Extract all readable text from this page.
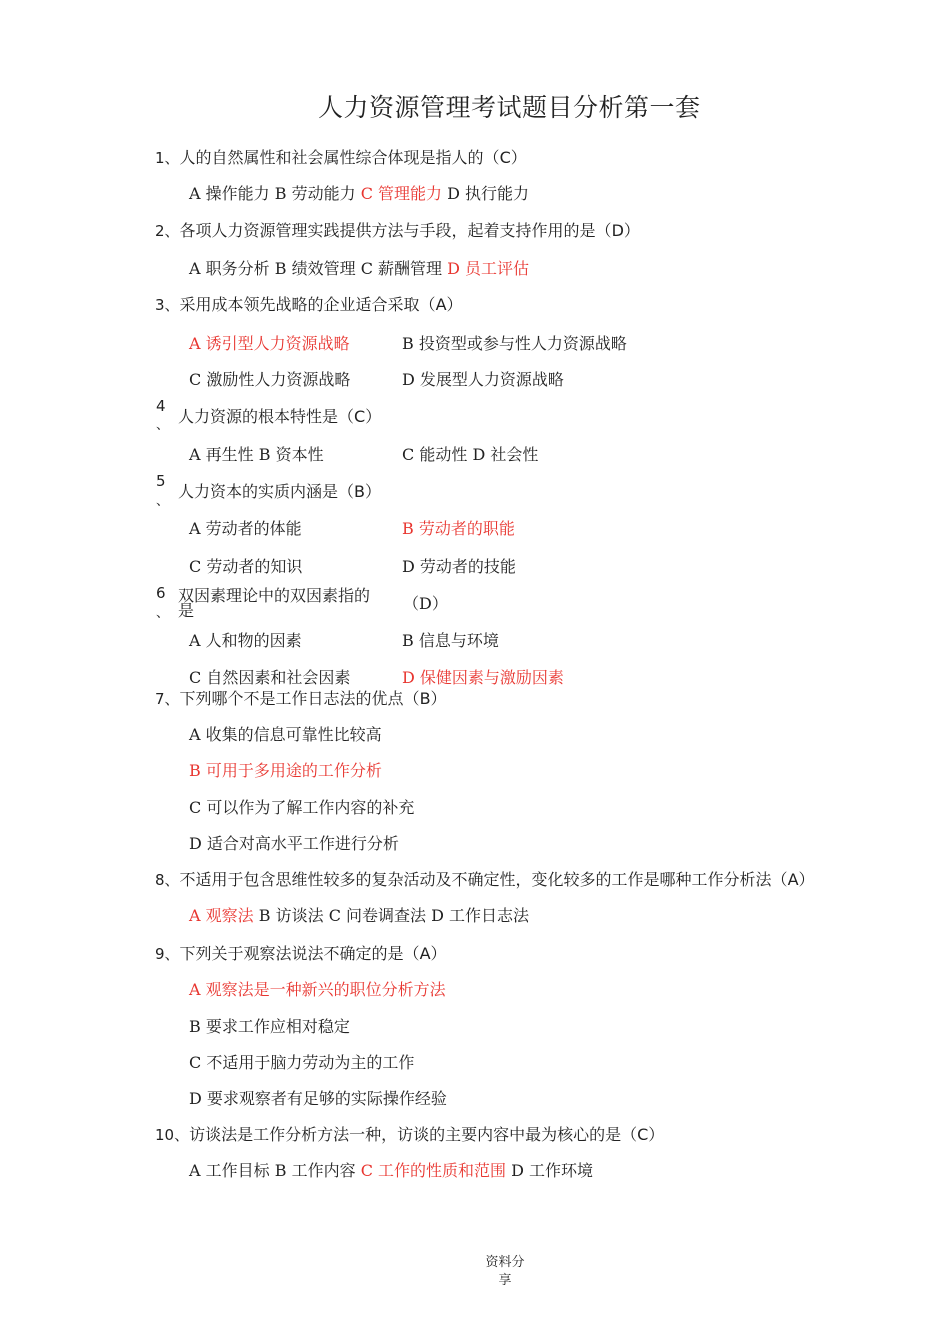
人力资源管理考试题目分析第一套
1、人的自然属性和社会属性综合体现是指人的（C）
A 操作能力 B 劳动能力 C 管理能力 D 执行能力
2、各项人力资源管理实践提供方法与手段，起着支持作用的是（D）
A 职务分析 B 绩效管理 C 薪酬管理 D 员工评估
3、采用成本领先战略的企业适合采取（A）
A 诱引型人力资源战略	B 投资型或参与性人力资源战略
C 激励性人力资源战略	D 发展型人力资源战略
4
、 人力资源的根本特性是（C）
A 再生性 B 资本性	C 能动性 D 社会性
5
、
人力资本的实质内涵是（B）
A 劳动者的体能	B 劳动者的职能
C 劳动者的知识	D 劳动者的技能
6
、
双因素理论中的双因素指的
是	（D）
A 人和物的因素	B 信息与环境
C 自然因素和社会因素	D 保健因素与激励因素
7、下列哪个不是工作日志法的优点（B）
A 收集的信息可靠性比较高
B 可用于多用途的工作分析
C 可以作为了解工作内容的补充
D 适合对高水平工作进行分析
8、不适用于包含思维性较多的复杂活动及不确定性，变化较多的工作是哪种工作分析法（A）
A 观察法 B 访谈法 C 问卷调查法 D 工作日志法
9、下列关于观察法说法不确定的是（A）
A 观察法是一种新兴的职位分析方法
B 要求工作应相对稳定
C 不适用于脑力劳动为主的工作
D 要求观察者有足够的实际操作经验
10、访谈法是工作分析方法一种，访谈的主要内容中最为核心的是（C）
A 工作目标 B 工作内容 C 工作的性质和范围 D 工作环境
资料分
享
